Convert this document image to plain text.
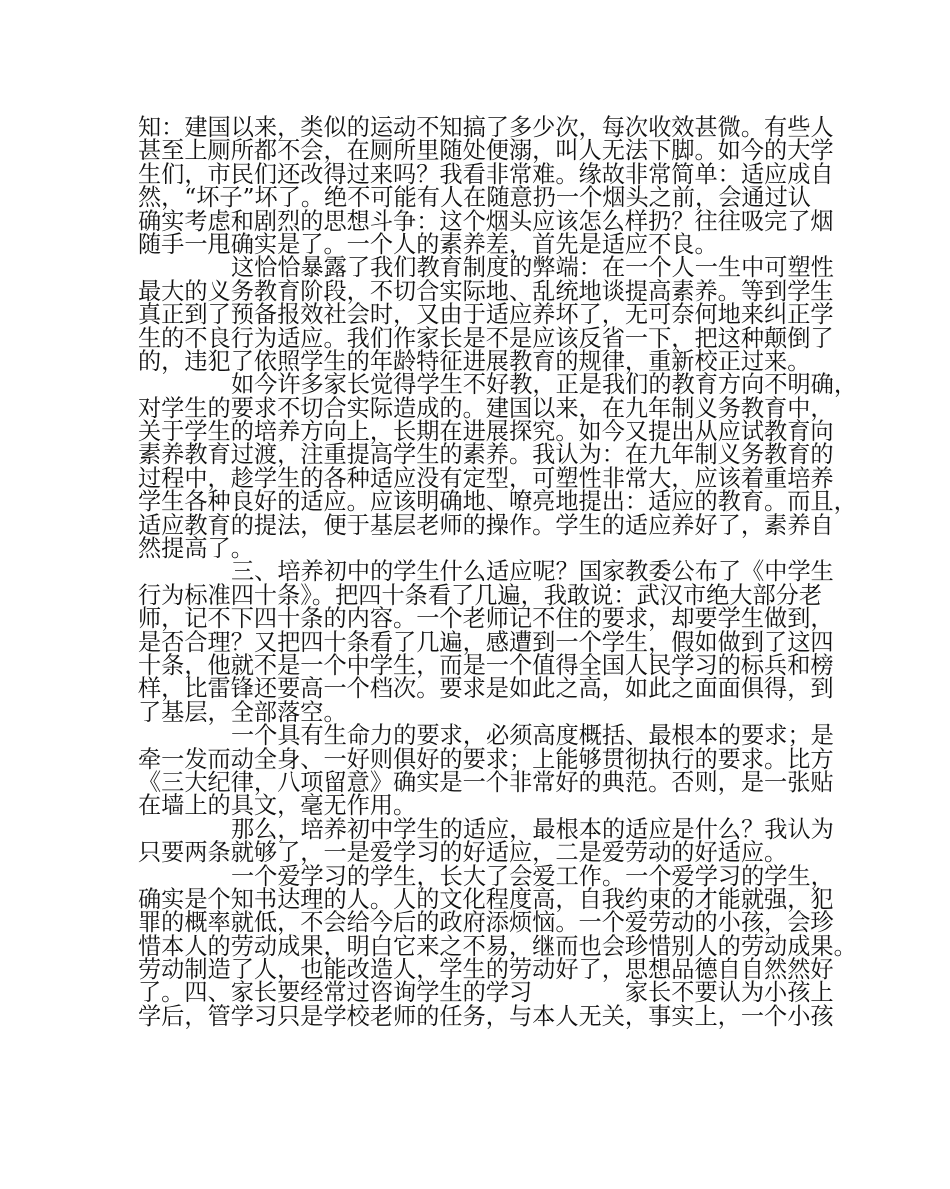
知：建国以来，类似的运动不知搞了多少次，每次收效甚微。有些人
甚至上厕所都不会，在厕所里随处便溺，叫人无法下脚。如今的大学
生们，市民们还改得过来吗？我看非常难。缘故非常简单：适应成自
然，“坏子”坏了。绝不可能有人在随意扔一个烟头之前，会通过认
确实考虑和剧烈的思想斗争：这个烟头应该怎么样扔？往往吸完了烟
随手一甩确实是了。一个人的素养差，首先是适应不良。
这恰恰暴露了我们教育制度的弊端：在一个人一生中可塑性
最大的义务教育阶段，不切合实际地、乱统地谈提高素养。等到学生
真正到了预备报效社会时，又由于适应养坏了，无可奈何地来纠正学
生的不良行为适应。我们作家长是不是应该反省一下，把这种颠倒了
的，违犯了依照学生的年龄特征进展教育的规律，重新校正过来。
如今许多家长觉得学生不好教，正是我们的教育方向不明确，
对学生的要求不切合实际造成的。建国以来，在九年制义务教育中，
关于学生的培养方向上，长期在进展探究。如今又提出从应试教育向
素养教育过渡，注重提高学生的素养。我认为：在九年制义务教育的
过程中，趁学生的各种适应没有定型，可塑性非常大，应该着重培养
学生各种良好的适应。应该明确地、嘹亮地提出：适应的教育。而且，
适应教育的提法，便于基层老师的操作。学生的适应养好了，素养自
然提高了。
三、培养初中的学生什么适应呢？国家教委公布了《中学生
行为标准四十条》。把四十条看了几遍，我敢说：武汉市绝大部分老
师，记不下四十条的内容。一个老师记不住的要求，却要学生做到，
是否合理？又把四十条看了几遍，感遭到一个学生，假如做到了这四
十条，他就不是一个中学生，而是一个值得全国人民学习的标兵和榜
样，比雷锋还要高一个档次。要求是如此之高，如此之面面俱得，到
了基层，全部落空。
一个具有生命力的要求，必须高度概括、最根本的要求；是
牵一发而动全身、一好则俱好的要求；上能够贯彻执行的要求。比方
《三大纪律，八项留意》确实是一个非常好的典范。否则，是一张贴
在墙上的具文，毫无作用。
那么，培养初中学生的适应，最根本的适应是什么？我认为
只要两条就够了，一是爱学习的好适应，二是爱劳动的好适应。
一个爱学习的学生，长大了会爱工作。一个爱学习的学生，
确实是个知书达理的人。人的文化程度高，自我约束的才能就强，犯
罪的概率就低，不会给今后的政府添烦恼。一个爱劳动的小孩，会珍
惜本人的劳动成果，明白它来之不易，继而也会珍惜别人的劳动成果。
劳动制造了人，也能改造人，学生的劳动好了，思想品德自自然然好
了。四、家长要经常过咨询学生的学习　　　　家长不要认为小孩上
学后，管学习只是学校老师的任务，与本人无关，事实上，一个小孩
